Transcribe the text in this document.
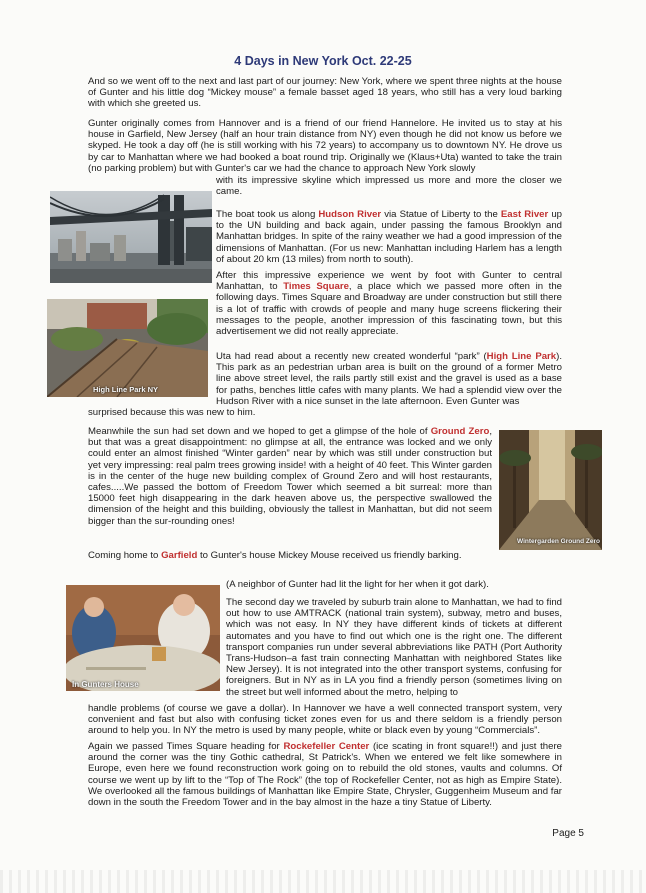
4 Days in New York Oct. 22-25

And so we went off to the next and last part of our journey: New York, where we spent three nights at the house of Gunter and his little dog “Mickey mouse” a female basset aged 18 years, who still has a very loud barking with which she greeted us.

Gunter originally comes from Hannover and is a friend of our friend Hannelore. He invited us to stay at his house in Garfield, New Jersey (half an hour train distance from NY) even though he did not know us before we skyped. He took a day off (he is still working with his 72 years) to accompany us to downtown NY. He drove us by car to Manhattan where we had booked a boat round trip. Originally we (Klaus+Uta) wanted to take the train (no parking problem) but with Gunter's car we had the chance to approach New York slowly

with its impressive skyline which impressed us more and more the closer we came.

The boat took us along Hudson River via Statue of Liberty to the East River up to the UN building and back again, under passing the famous Brooklyn and Manhattan bridges. In spite of the rainy weather we had a good impression of the dimensions of Manhattan. (For us new: Manhattan including Harlem has a length of about 20 km (13 miles) from north to south).

High Line Park NY

After this impressive experience we went by foot with Gunter to central Manhattan, to Times Square, a place which we passed more often in the following days. Times Square and Broadway are under construction but still there is a lot of traffic with crowds of people and many huge screens flickering their messages to the people, another impression of this fascinating town, but this advertisement we did not really appreciate.

Uta had read about a recently new created wonderful “park” (High Line Park). This park as an pedestrian urban area is built on the ground of a former Metro line above street level, the rails partly still exist and the gravel is used as a base for paths, benches little cafes with many plants. We had a splendid view over the Hudson River with a nice sunset in the late afternoon. Even Gunter was

surprised because this was new to him.

Meanwhile the sun had set down and we hoped to get a glimpse of the hole of Ground Zero, but that was a great disappointment: no glimpse at all, the entrance was locked and we only could enter an almost finished “Winter garden” near by which was still under construction but yet very impressing: real palm trees growing inside! with a height of 40 feet. This Winter garden is in the center of the huge new building complex of Ground Zero and will host restaurants, cafes.....We passed the bottom of Freedom Tower which seemed a bit surreal: more than 15000 feet high disappearing in the dark heaven above us, the perspective swallowed the dimension of the height and this building, obviously the tallest in Manhattan, but did not seem bigger than the sur-rounding ones!

Wintergarden Ground Zero

Coming home to Garfield to Gunter's house Mickey Mouse received us friendly barking.

In Gunters House

(A neighbor of Gunter had lit the light for her when it got dark).

The second day we traveled by suburb train alone to Manhattan, we had to find out how to use AMTRACK (national train system), subway, metro and buses, which was not easy. In NY they have different kinds of tickets at different automates and you have to find out which one is the right one. The different transport companies run under several abbreviations like PATH (Port Authority Trans-Hudson–a fast train connecting Manhattan with neighbored States like New Jersey). It is not integrated into the other transport systems, confusing for foreigners. But in NY as in LA you find a friendly person (sometimes living on the street but well informed about the metro, helping to

handle problems (of course we gave a dollar). In Hannover we have a well connected transport system, very convenient and fast but also with confusing ticket zones even for us and there seldom is a friendly person around to help you. In NY the metro is used by many people, white or black even by young “Commercials”.

Again we passed Times Square heading for Rockefeller Center (ice scating in front square!!) and just there around the corner was the tiny Gothic cathedral, St Patrick's. When we entered we felt like somewhere in Europe, even here we found reconstruction work going on to rebuild the old stones, vaults and columns. Of course we went up by lift to the “Top of The Rock” (the top of Rockefeller Center, not as high as Empire State). We overlooked all the famous buildings of Manhattan like Empire State, Chrysler, Guggenheim Museum and far down in the south the Freedom Tower and in the bay almost in the haze a tiny Statue of Liberty.

Page 5
